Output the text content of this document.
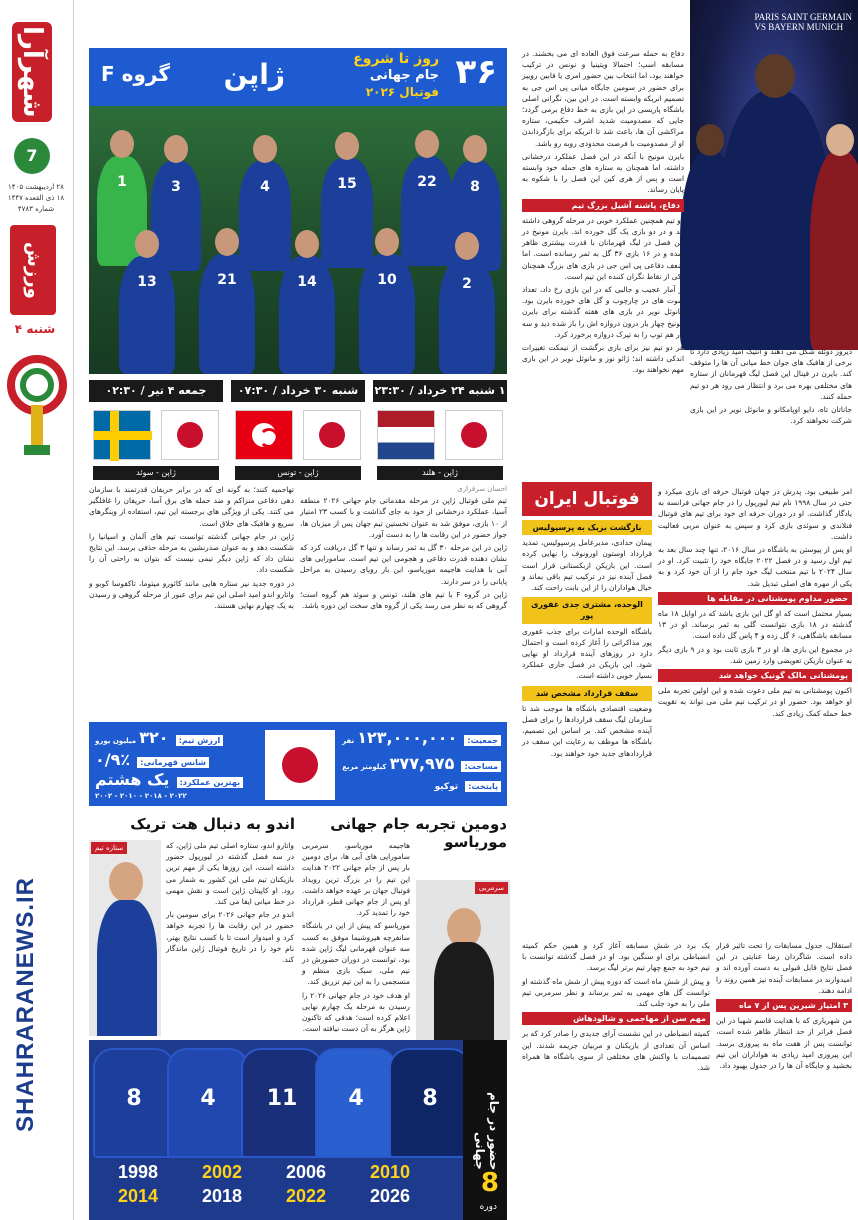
شهرآرا
7
۲۸ اردیبهشت ۱۴۰۵
۱۸ ذی القعده ۱۴۴۷
شماره ۴۷۸۳
ورزش
۴ شنبه
SHAHRARANEWS.IR
۳۶
روز تا شروع
جام جهانی
فوتبال ۲۰۲۶
ژاپن
گروه F
1	3	4	15	22	8
13	21	14	10	2
۱ شنبه ۲۴ خرداد / ۲۳:۳۰
ژاپن - هلند
شنبه ۳۰ خرداد / ۰۷:۳۰
ژاپن - تونس
جمعه ۴ تیر / ۰۲:۳۰
ژاپن - سوئد
PARIS SAINT GERMAIN
VS BAYERN MUNICH

دفاع به حمله سرعت فوق العاده ای می بخشند. در مسابقه اسپ؛ احتمالا ویتینیا و نونس در ترکیب خواهند بود، اما انتخاب بین حضور امری یا فابین روییز برای حضور در سومین جایگاه میانی پی اس جی به تصمیم انریکه وابسته است. در این بین، نگرانی اصلی باشگاه پاریسی در این بازی به خط دفاع برمی گردد؛ جایی که مصدومیت شدید اشرف حکیمی، ستاره مراکشی آن ها، باعث شد تا انریکه برای بازگرداندن او از مصدومیت با فرصت محدودی روبه رو باشد.

بایرن مونیخ با آنکه در این فصل عملکرد درخشانی داشته، اما همچنان به ستاره های حمله خود وابسته است و پس از هری کین این فصل را با شکوه به پایان رساند.

دفاع، پاشنه آشیل بزرگ تیم

دو تیم همچنین عملکرد خوبی در مرحله گروهی داشته اند و در دو بازی یک گل خورده اند. بایرن مونیخ در این فصل در لیگ قهرمانان با قدرت بیشتری ظاهر شده و در ۱۶ بازی ۳۶ گل به ثمر رسانده است. اما ضعف دفاعی پی اس جی در بازی های بزرگ همچنان یکی از نقاط نگران کننده این تیم است.

از آمار عجیب و جالبی که در این بازی رخ داد، تعداد شوت های در چارچوب و گل های خورده بایرن بود. مانوئل نویر در بازی های هفته گذشته برای بایرن مونیخ چهار بار درون دروازه اش را باز شده دید و سه بار هم توپ را به تیرک دروازه برخورد کرد.

هر دو تیم نیز برای بازی برگشت از نیمکت تغییرات اندکی داشته اند؛ ژائو نوز و مانوئل نویر در این بازی مهم نخواهند بود.

دیروز دوئله شکل می دهند و انتیک امید زیادی دارد تا برخی از هافبک های جوان خط میانی آن ها را متوقف کند. بایرن در فینال این فصل لیگ قهرمانان از ستاره های مختلفی بهره می برد و انتظار می رود هر دو تیم حمله کنند.

جاناتان تاه، دایو اوپامکانو و مانوئل نویر در این بازی شرکت نخواهند کرد.

امر طبیعی بود. پدرش در جهان فوتبال حرفه ای بازی میکرد و حتی در سال ۱۹۹۸ نام تیم لیورپول را در جام جهانی فرانسه به یادگار گذاشت. او در دوران حرفه ای خود برای تیم های فوتبال فنلاندی و سوئدی بازی کرد و سپس به عنوان مربی فعالیت داشت.

او پس از پیوستن به باشگاه در سال ۲۰۱۶، تنها چند سال بعد به تیم اول رسید و در فصل ۲۰۲۲ جایگاه خود را تثبیت کرد. او در سال ۲۰۲۴ با تیم منتخب لیگ خود جام را از آن خود کرد و به یکی از مهره های اصلی تبدیل شد.

حضور مداوم پومشتانی در مقابله ها

بسیار محتمل است که او گل این بازی باشد که در اوایل ۱۸ ماه گذشته در ۱۸ بازی نتوانست گلی به ثمر برساند. او در ۱۳ مسابقه باشگاهی، ۶ گل زده و ۴ پاس گل داده است.

در مجموع این بازی ها، او در ۳ بازی ثابت بود و در ۹ بازی دیگر به عنوان بازیکن تعویضی وارد زمین شد.

پومشتانی مالک گونیک خواهد شد

اکنون پومشتانی به تیم ملی دعوت شده و این اولین تجربه ملی او خواهد بود. حضور او در ترکیب تیم ملی می تواند به تقویت خط حمله کمک زیادی کند.

فوتبال ایران
بازگشت بزیک به پرسپولیس

پیمان حدادی، مدیرعامل پرسپولیس، تمدید قرارداد اوستون اورونوف را نهایی کرده است. این بازیکن ازبکستانی قرار است فصل آینده نیز در ترکیب تیم باقی بماند و خیال هواداران را از این بابت راحت کند.

الوحده، مشتری جدی غفوری پور

باشگاه الوحده امارات برای جذب غفوری پور مذاکراتی را آغاز کرده است و احتمال دارد در روزهای آینده قرارداد او نهایی شود. این بازیکن در فصل جاری عملکرد بسیار خوبی داشته است.

سقف قرارداد مشخص شد

وضعیت اقتصادی باشگاه ها موجب شد تا سازمان لیگ سقف قراردادها را برای فصل آینده مشخص کند. بر اساس این تصمیم، باشگاه ها موظف به رعایت این سقف در قراردادهای جدید خود خواهند بود.

احسان سرقرازی

تیم ملی فوتبال ژاپن در مرحله مقدماتی جام جهانی ۲۰۲۶ منطقه آسیا، عملکرد درخشانی از خود به جای گذاشت و با کسب ۲۳ امتیاز از ۱۰ بازی، موفق شد به عنوان نخستین تیم جهان پس از میزبان ها، جواز حضور در این رقابت ها را به دست آورد.

ژاپن در این مرحله ۳۰ گل به ثمر رساند و تنها ۳ گل دریافت کرد که نشان دهنده قدرت دفاعی و هجومی این تیم است. سامورایی های آبی با هدایت هاجیمه موریاسو، این بار رویای رسیدن به مراحل پایانی را در سر دارند.

ژاپن در گروه F با تیم های هلند، تونس و سوئد هم گروه است؛ گروهی که به نظر می رسد یکی از گروه های سخت این دوره باشد.

تهاجمیه کنند؛ به گونه ای که در برابر حریفان قدرتمند با سازمان دهی دفاعی منزاکم و ضد حمله های برق آسا، حریفان را غافلگیر می کنند. یکی از ویژگی های برجسته این تیم، استفاده از وینگرهای سریع و هافبک های خلاق است.

ژاپن در جام جهانی گذشته توانست تیم های آلمان و اسپانیا را شکست دهد و به عنوان صدرنشین به مرحله حذفی برسد. این نتایج نشان داد که ژاپن دیگر تیمی نیست که بتوان به راحتی آن را شکست داد.

در دوره جدید نیز ستاره هایی مانند کائورو میتوما، تاکفوسا کوبو و واتارو اندو امید اصلی این تیم برای عبور از مرحله گروهی و رسیدن به یک چهارم نهایی هستند.

جمعیت: ۱۲۳,۰۰۰,۰۰۰ نفر
مساحت: ۳۷۷,۹۷۵ کیلومتر مربع
پایتخت: توکیو
ارزش تیم: ۳۲۰ میلیون یورو
شانس قهرمانی: ۰/۹٪
بهترین عملکرد: یک هشتم
۲۰۲۲ - ۲۰۱۸ - ۲۰۱۰ - ۲۰۰۲
دومین تجربه جام جهانی موریاسو
سرمربی

هاجیمه موریاسو، سرمربی سامورایی های آبی ها، برای دومین بار پس از جام جهانی ۲۰۲۲ هدایت این تیم را در بزرگ ترین رویداد فوتبال جهان بر عهده خواهد داشت. او پس از جام جهانی قطر، قرارداد خود را تمدید کرد.

موریاسو که پیش از این در باشگاه سانفرچه هیروشیما موفق به کسب سه عنوان قهرمانی لیگ ژاپن شده بود، توانست در دوران حضورش در تیم ملی، سبک بازی منظم و منسجمی را به این تیم تزریق کند.

او هدف خود در جام جهانی ۲۰۲۶ را رسیدن به مرحله یک چهارم نهایی اعلام کرده است؛ هدفی که تاکنون ژاپن هرگز به آن دست نیافته است.

اندو به دنبال هت تریک
ستاره تیم	واتارو اندو، ستاره اصلی تیم ملی ژاپن، که در سه فصل گذشته در لیورپول حضور داشته است، این روزها یکی از مهم ترین بازیکنان تیم ملی این کشور به شمار می رود. او کاپیتان ژاپن است و نقش مهمی در خط میانی ایفا می کند.

اندو در جام جهانی ۲۰۲۶ برای سومین بار حضور در این رقابت ها را تجربه خواهد کرد و امیدوار است تا با کسب نتایج بهتر، نام خود را در تاریخ فوتبال ژاپن ماندگار کند.

8	4	11	4	8
1998
2014
2002
2018
2006
2022
2010
2026
حضور در جام جهانی
8
دوره

یک برد در شش مسابقه آغاز کرد و همین حکم کمیته انضباطی برای او سنگین بود. او در فصل گذشته توانست با تیم خود به جمع چهار تیم برتر لیگ برسد.

و پیش از شش ماه است که دوره پیش از شش ماه گذشته او توانست گل های مهمی به ثمر برساند و نظر سرمربی تیم ملی را به خود جلب کند.

مهم سن از مهاجمی و شالودهاش

کمیته انضباطی در این نشست آرای جدیدی را صادر کرد که بر اساس آن تعدادی از بازیکنان و مربیان جریمه شدند. این تصمیمات با واکنش های مختلفی از سوی باشگاه ها همراه شد.

استقلال، جدول مسابقات را تحت تاثیر قرار داده است. شاگردان رضا عنایتی در این فصل نتایج قابل قبولی به دست آورده اند و امیدوارند در مسابقات آینده نیز همین روند را ادامه دهند.

۳ امتیاز شیرین پس از ۷ ماه

من شهریاری که با هدایت قاسم شهبا در این فصل فراتر از حد انتظار ظاهر شده است، توانست پس از هفت ماه به پیروزی برسد. این پیروزی امید زیادی به هواداران این تیم بخشید و جایگاه آن ها را در جدول بهبود داد.
